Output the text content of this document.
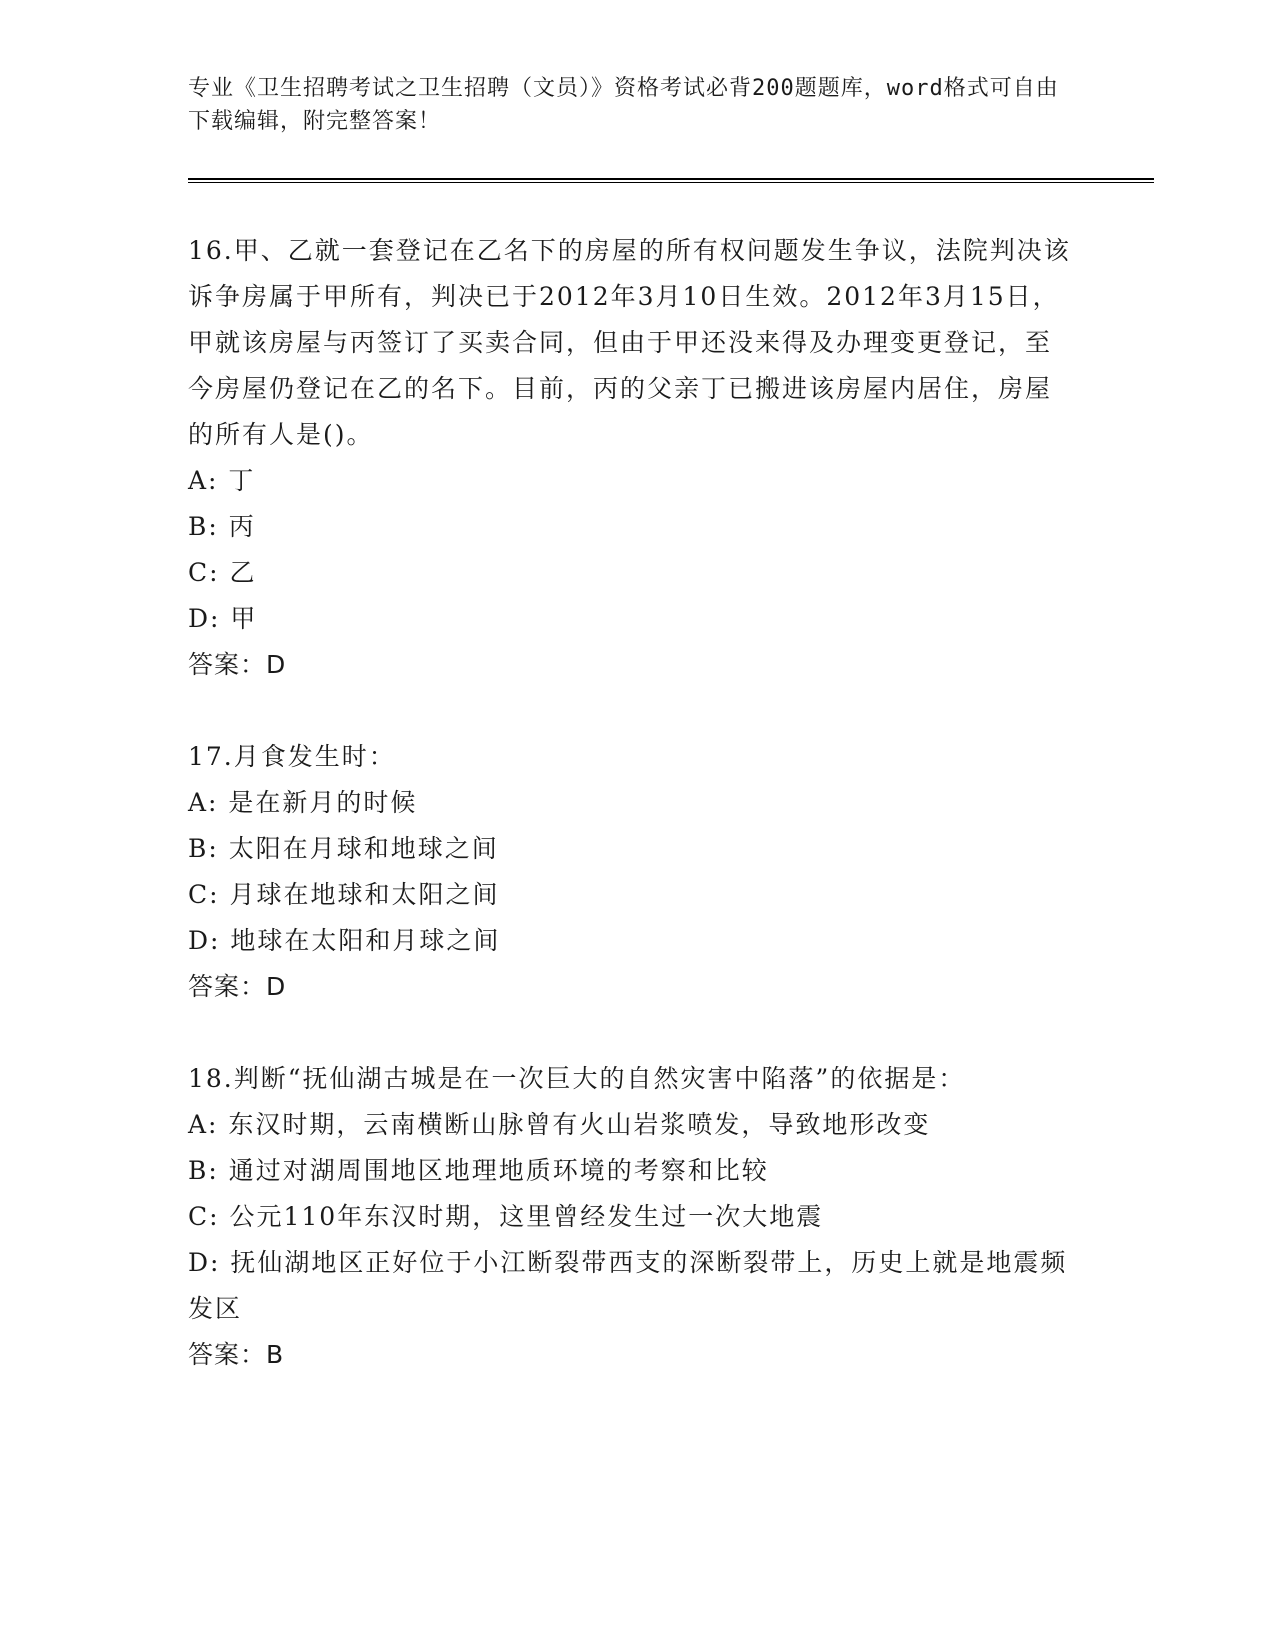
专业《卫生招聘考试之卫生招聘（文员）》资格考试必背200题题库，word格式可自由下载编辑，附完整答案！
16.甲、乙就一套登记在乙名下的房屋的所有权问题发生争议，法院判决该诉争房属于甲所有，判决已于2012年3月10日生效。2012年3月15日，甲就该房屋与丙签订了买卖合同，但由于甲还没来得及办理变更登记，至今房屋仍登记在乙的名下。目前，丙的父亲丁已搬进该房屋内居住，房屋的所有人是()。
A: 丁
B: 丙
C: 乙
D: 甲
答案：D
17.月食发生时：
A: 是在新月的时候
B: 太阳在月球和地球之间
C: 月球在地球和太阳之间
D: 地球在太阳和月球之间
答案：D
18.判断“抚仙湖古城是在一次巨大的自然灾害中陷落”的依据是：
A: 东汉时期，云南横断山脉曾有火山岩浆喷发，导致地形改变
B: 通过对湖周围地区地理地质环境的考察和比较
C: 公元110年东汉时期，这里曾经发生过一次大地震
D: 抚仙湖地区正好位于小江断裂带西支的深断裂带上，历史上就是地震频发区
答案：B
